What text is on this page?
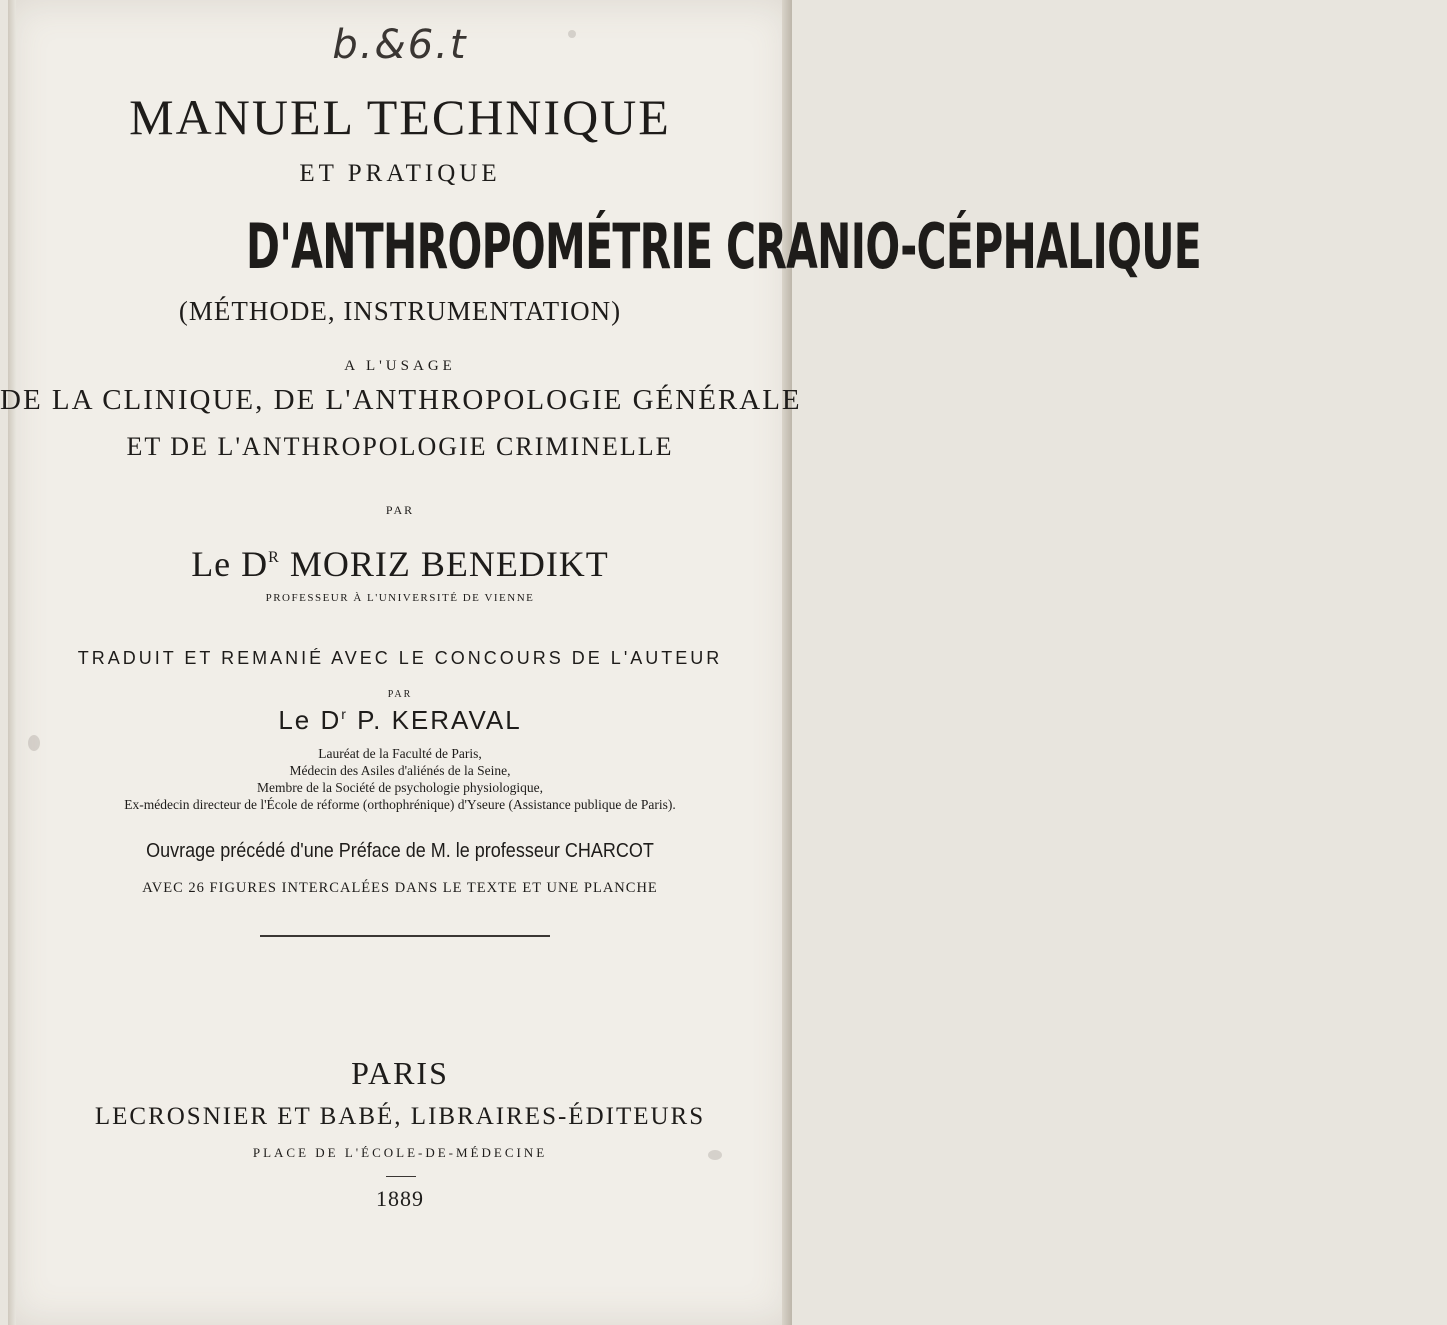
b.&6.t
MANUEL TECHNIQUE
ET PRATIQUE
D'ANTHROPOMÉTRIE CRANIO-CÉPHALIQUE
(MÉTHODE, INSTRUMENTATION)
A L'USAGE
DE LA CLINIQUE, DE L'ANTHROPOLOGIE GÉNÉRALE
ET DE L'ANTHROPOLOGIE CRIMINELLE
PAR
Le $D^R$ MORIZ BENEDIKT
PROFESSEUR À L'UNIVERSITÉ DE VIENNE
TRADUIT ET REMANIÉ AVEC LE CONCOURS DE L'AUTEUR
PAR
Le $D^r$ P. KERAVAL
Lauréat de la Faculté de Paris,
Médecin des Asiles d'aliénés de la Seine,
Membre de la Société de psychologie physiologique,
Ex-médecin directeur de l'École de réforme (orthophrénique) d'Yseure (Assistance publique de Paris).
Ouvrage précédé d'une Préface de M. le professeur CHARCOT
AVEC 26 FIGURES INTERCALÉES DANS LE TEXTE ET UNE PLANCHE
PARIS
LECROSNIER ET BABÉ, LIBRAIRES-ÉDITEURS
PLACE DE L'ÉCOLE-DE-MÉDECINE
1889
